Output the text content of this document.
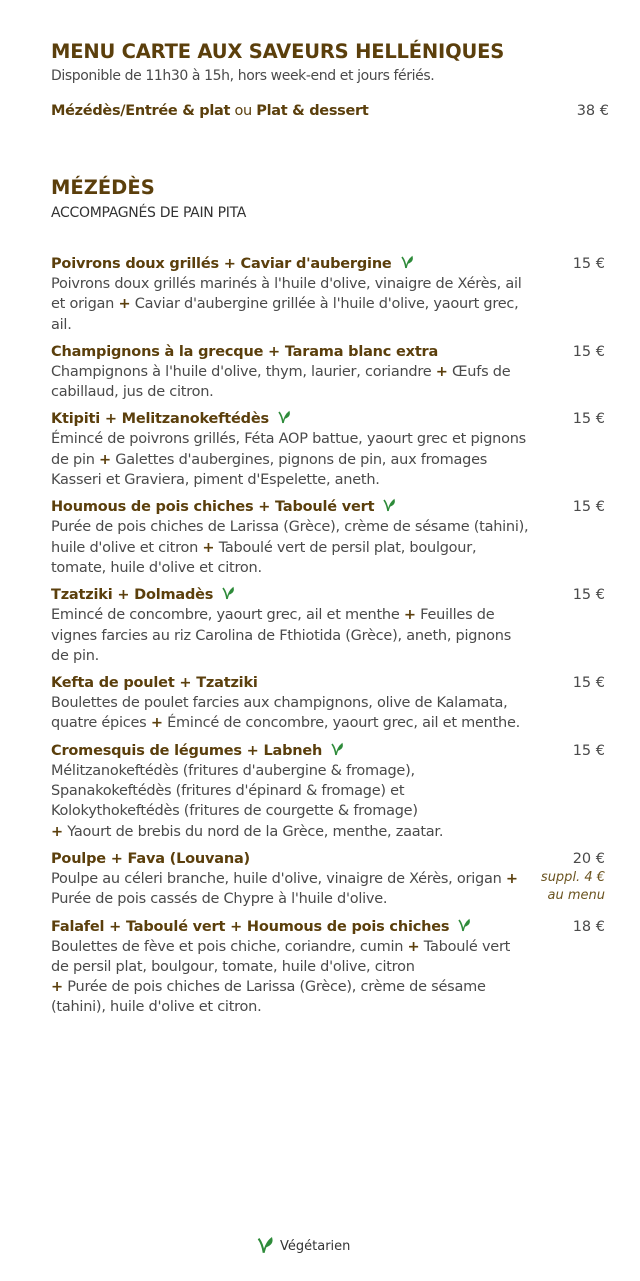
MENU CARTE AUX SAVEURS HELLÉNIQUES
Disponible de 11h30 à 15h, hors week-end et jours fériés.
Mézédès/Entrée & plat ou Plat & dessert	38 €
MÉZÉDÈS
ACCOMPAGNÉS DE PAIN PITA
Poivrons doux grillés + Caviar d'aubergine
Poivrons doux grillés marinés à l'huile d'olive, vinaigre de Xérès, ail et origan + Caviar d'aubergine grillée à l'huile d'olive, yaourt grec, ail.
15 €
Champignons à la grecque + Tarama blanc extra
Champignons à l'huile d'olive, thym, laurier, coriandre + Œufs de cabillaud, jus de citron.
15 €
Ktipiti + Melitzanokeftédès
Émincé de poivrons grillés, Féta AOP battue, yaourt grec et pignons de pin + Galettes d'aubergines, pignons de pin, aux fromages Kasseri et Graviera, piment d'Espelette, aneth.
15 €
Houmous de pois chiches + Taboulé vert
Purée de pois chiches de Larissa (Grèce), crème de sésame (tahini), huile d'olive et citron + Taboulé vert de persil plat, boulgour, tomate, huile d'olive et citron.
15 €
Tzatziki + Dolmadès
Emincé de concombre, yaourt grec, ail et menthe + Feuilles de vignes farcies au riz Carolina de Fthiotida (Grèce), aneth, pignons de pin.
15 €
Kefta de poulet + Tzatziki
Boulettes de poulet farcies aux champignons, olive de Kalamata, quatre épices + Émincé de concombre, yaourt grec, ail et menthe.
15 €
Cromesquis de légumes + Labneh
Mélitzanokeftédès (fritures d'aubergine & fromage), Spanakokeftédès (fritures d'épinard & fromage) et Kolokythokeftédès (fritures de courgette & fromage)
+ Yaourt de brebis du nord de la Grèce, menthe, zaatar.
15 €
Poulpe + Fava (Louvana)
Poulpe au céleri branche, huile d'olive, vinaigre de Xérès, origan + Purée de pois cassés de Chypre à l'huile d'olive.
20 €
suppl. 4 €
au menu
Falafel + Taboulé vert + Houmous de pois chiches
Boulettes de fève et pois chiche, coriandre, cumin + Taboulé vert de persil plat, boulgour, tomate, huile d'olive, citron
+ Purée de pois chiches de Larissa (Grèce), crème de sésame (tahini), huile d'olive et citron.
18 €
Végétarien
